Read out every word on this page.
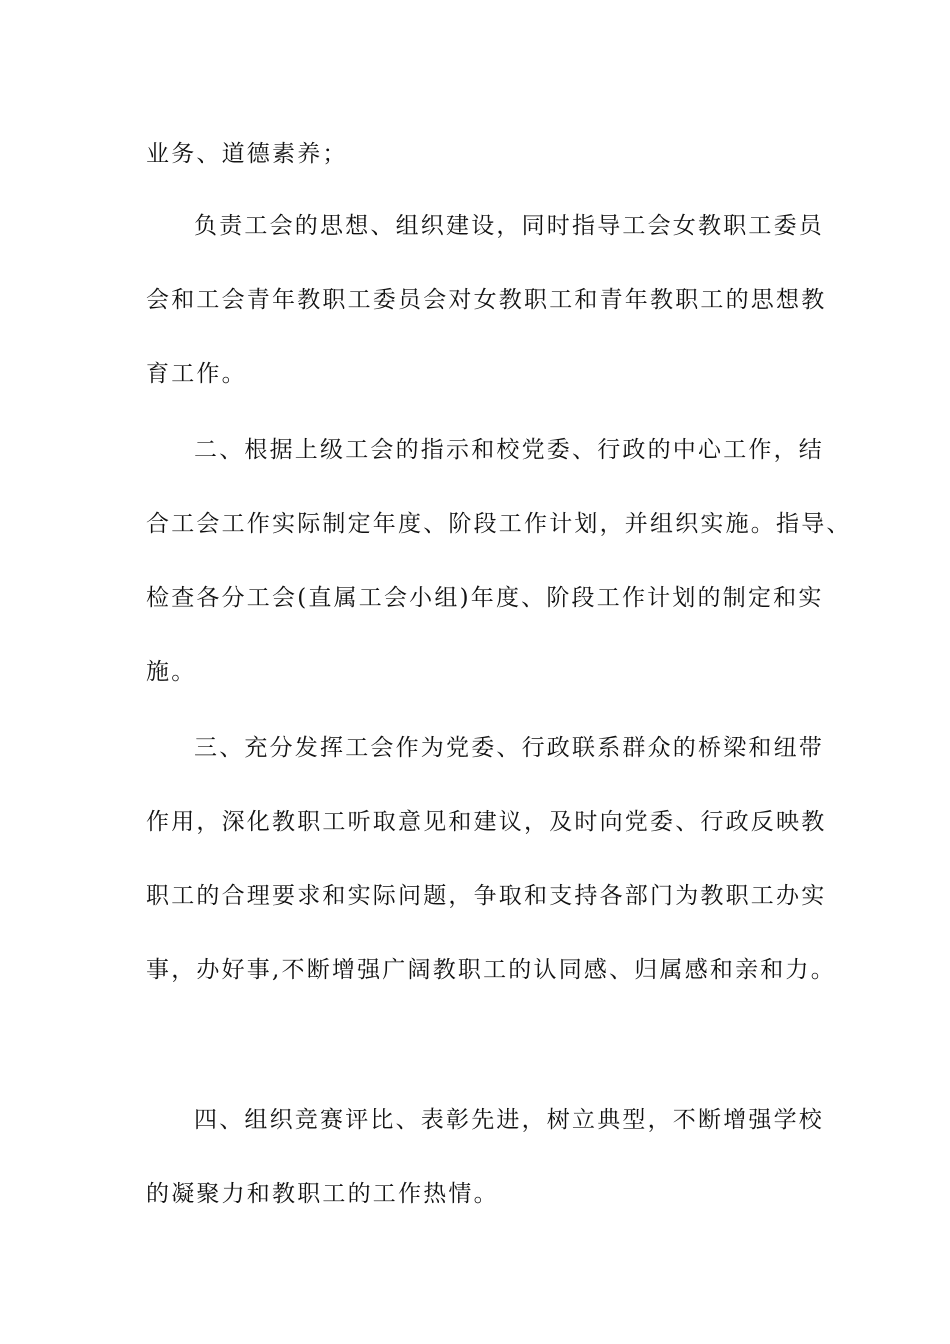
业务、道德素养；
负责工会的思想、组织建设，同时指导工会女教职工委员
会和工会青年教职工委员会对女教职工和青年教职工的思想教
育工作。
二、根据上级工会的指示和校党委、行政的中心工作，结
合工会工作实际制定年度、阶段工作计划，并组织实施。指导、
检查各分工会(直属工会小组)年度、阶段工作计划的制定和实
施。
三、充分发挥工会作为党委、行政联系群众的桥梁和纽带
作用，深化教职工听取意见和建议，及时向党委、行政反映教
职工的合理要求和实际问题，争取和支持各部门为教职工办实
事，办好事,不断增强广阔教职工的认同感、归属感和亲和力。
四、组织竞赛评比、表彰先进，树立典型，不断增强学校
的凝聚力和教职工的工作热情。
